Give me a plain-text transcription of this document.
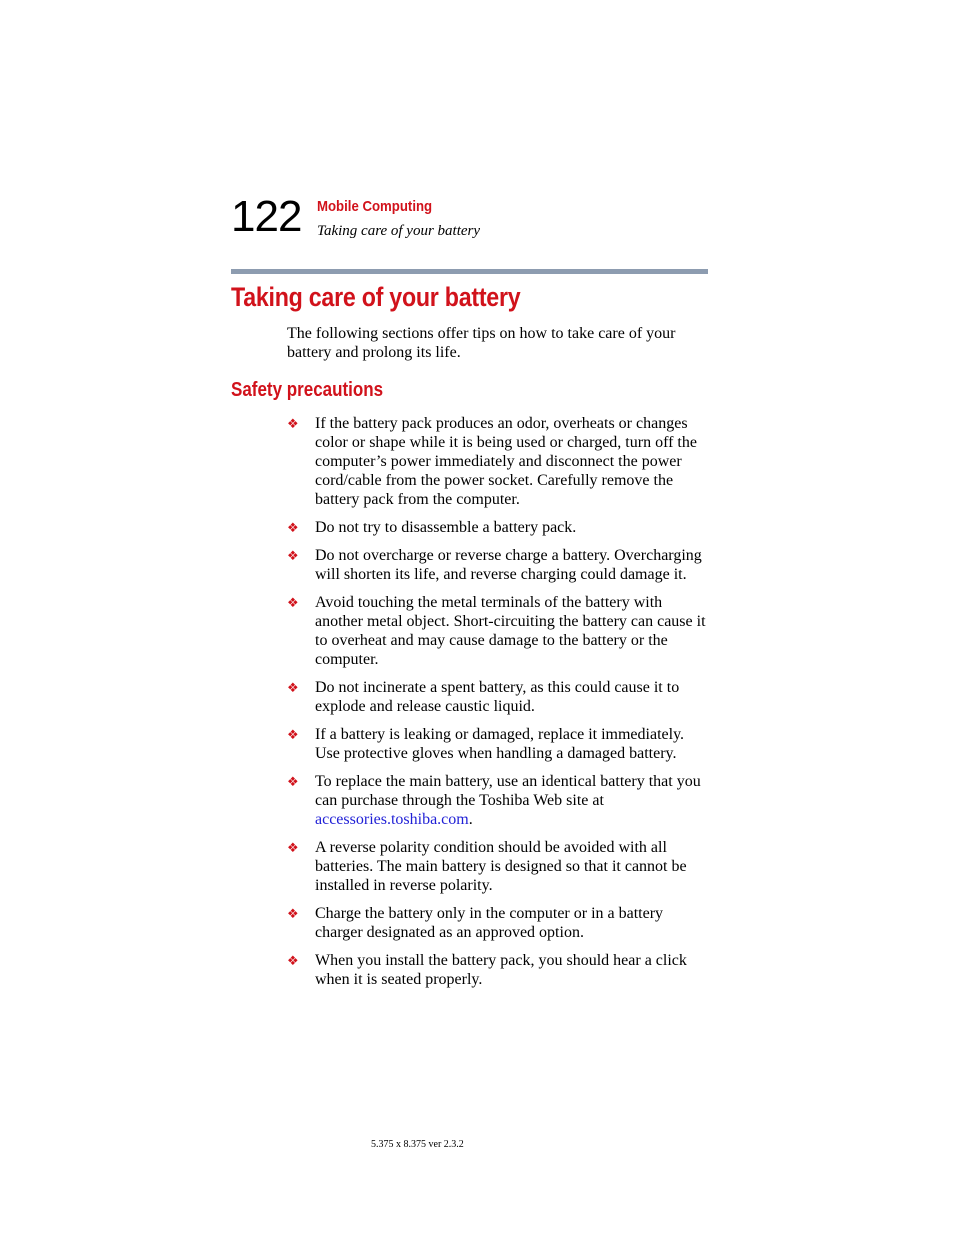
122 Mobile Computing
Taking care of your battery
Taking care of your battery

The following sections offer tips on how to take care of your battery and prolong its life.

Safety precautions
❖ If the battery pack produces an odor, overheats or changes color or shape while it is being used or charged, turn off the computer’s power immediately and disconnect the power cord/cable from the power socket. Carefully remove the battery pack from the computer.
❖ Do not try to disassemble a battery pack.
❖ Do not overcharge or reverse charge a battery. Overcharging will shorten its life, and reverse charging could damage it.
❖ Avoid touching the metal terminals of the battery with another metal object. Short-circuiting the battery can cause it to overheat and may cause damage to the battery or the computer.
❖ Do not incinerate a spent battery, as this could cause it to explode and release caustic liquid.
❖ If a battery is leaking or damaged, replace it immediately. Use protective gloves when handling a damaged battery.
❖ To replace the main battery, use an identical battery that you can purchase through the Toshiba Web site at accessories.toshiba.com.
❖ A reverse polarity condition should be avoided with all batteries. The main battery is designed so that it cannot be installed in reverse polarity.
❖ Charge the battery only in the computer or in a battery charger designated as an approved option.
❖ When you install the battery pack, you should hear a click when it is seated properly.
5.375 x 8.375 ver 2.3.2
